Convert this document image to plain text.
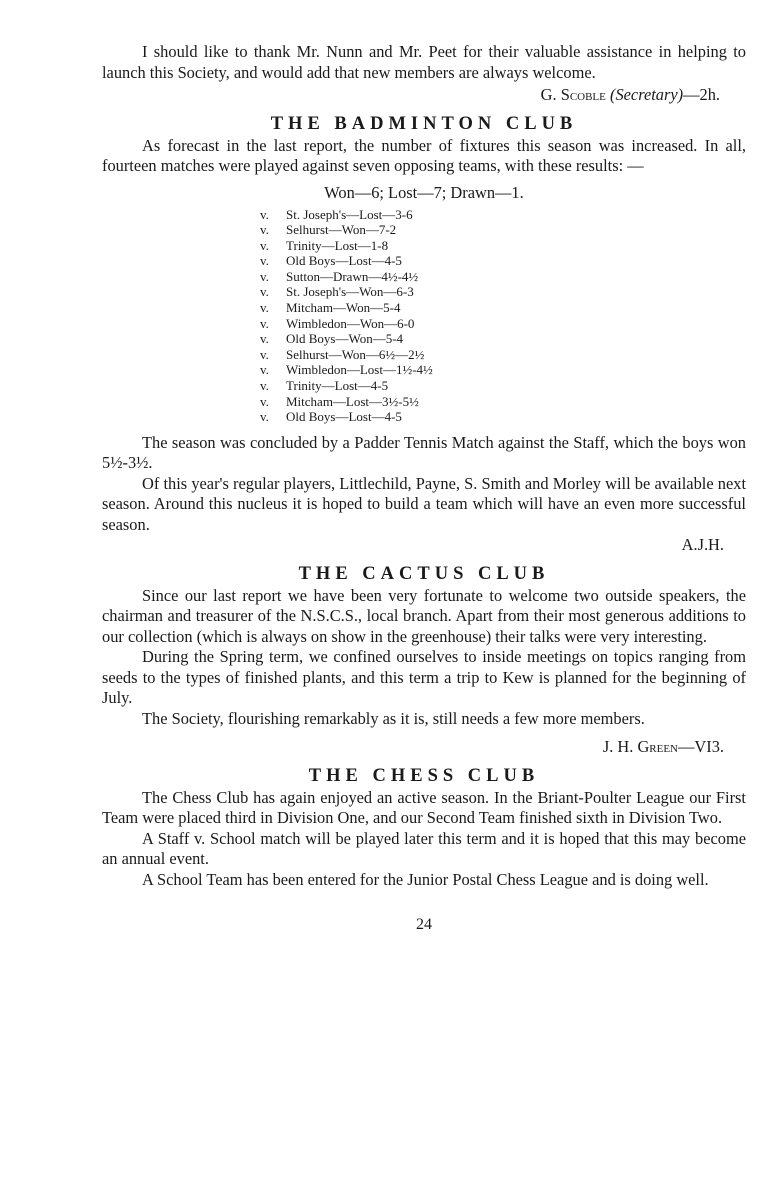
I should like to thank Mr. Nunn and Mr. Peet for their valuable assistance in helping to launch this Society, and would add that new members are always welcome.

G. Scoble (Secretary)—2h.

THE BADMINTON CLUB

As forecast in the last report, the number of fixtures this season was increased. In all, fourteen matches were played against seven opposing teams, with these results: —

Won—6; Lost—7; Drawn—1.

v.	St. Joseph's—Lost—3-6
v.	Selhurst—Won—7-2
v.	Trinity—Lost—1-8
v.	Old Boys—Lost—4-5
v.	Sutton—Drawn—4½-4½
v.	St. Joseph's—Won—6-3
v.	Mitcham—Won—5-4
v.	Wimbledon—Won—6-0
v.	Old Boys—Won—5-4
v.	Selhurst—Won—6½—2½
v.	Wimbledon—Lost—1½-4½
v.	Trinity—Lost—4-5
v.	Mitcham—Lost—3½-5½
v.	Old Boys—Lost—4-5

The season was concluded by a Padder Tennis Match against the Staff, which the boys won 5½-3½.

Of this year's regular players, Littlechild, Payne, S. Smith and Morley will be available next season. Around this nucleus it is hoped to build a team which will have an even more successful season.

A.J.H.

THE CACTUS CLUB

Since our last report we have been very fortunate to welcome two outside speakers, the chairman and treasurer of the N.S.C.S., local branch. Apart from their most generous additions to our collection (which is always on show in the greenhouse) their talks were very interesting.

During the Spring term, we confined ourselves to inside meetings on topics ranging from seeds to the types of finished plants, and this term a trip to Kew is planned for the beginning of July.

The Society, flourishing remarkably as it is, still needs a few more members.

J. H. Green—VI3.

THE CHESS CLUB

The Chess Club has again enjoyed an active season. In the Briant-Poulter League our First Team were placed third in Division One, and our Second Team finished sixth in Division Two.

A Staff v. School match will be played later this term and it is hoped that this may become an annual event.

A School Team has been entered for the Junior Postal Chess League and is doing well.

24
